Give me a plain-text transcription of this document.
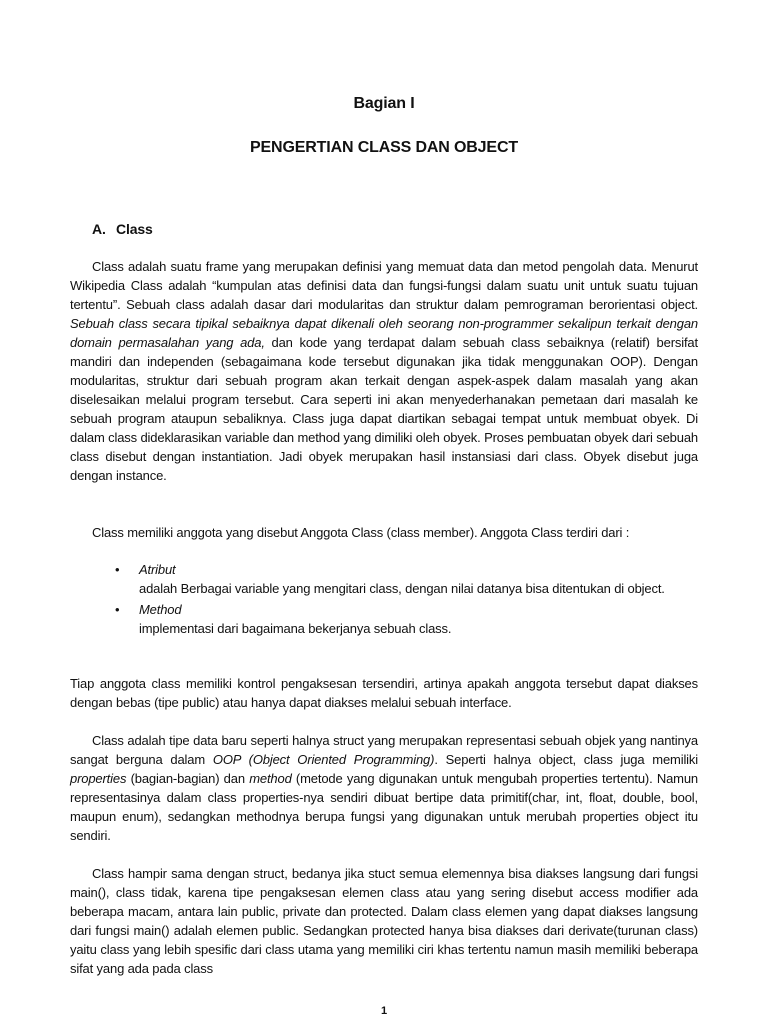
Bagian I
PENGERTIAN CLASS DAN OBJECT
A. Class

Class adalah suatu frame yang merupakan definisi yang memuat data dan metod pengolah data. Menurut Wikipedia Class adalah “kumpulan atas definisi data dan fungsi-fungsi dalam suatu unit untuk suatu tujuan tertentu”. Sebuah class adalah dasar dari modularitas dan struktur dalam pemrograman berorientasi object. Sebuah class secara tipikal sebaiknya dapat dikenali oleh seorang non-programmer sekalipun terkait dengan domain permasalahan yang ada, dan kode yang terdapat dalam sebuah class sebaiknya (relatif) bersifat mandiri dan independen (sebagaimana kode tersebut digunakan jika tidak menggunakan OOP). Dengan modularitas, struktur dari sebuah program akan terkait dengan aspek-aspek dalam masalah yang akan diselesaikan melalui program tersebut. Cara seperti ini akan menyederhanakan pemetaan dari masalah ke sebuah program ataupun sebaliknya. Class juga dapat diartikan sebagai tempat untuk membuat obyek. Di dalam class dideklarasikan variable dan method yang dimiliki oleh obyek. Proses pembuatan obyek dari sebuah class disebut dengan instantiation. Jadi obyek merupakan hasil instansiasi dari class. Obyek disebut juga dengan instance.

Class memiliki anggota yang disebut Anggota Class (class member). Anggota Class terdiri dari :

• Atribut
adalah Berbagai variable yang mengitari class, dengan nilai datanya bisa ditentukan di object.
• Method
implementasi dari bagaimana bekerjanya sebuah class.

Tiap anggota class memiliki kontrol pengaksesan tersendiri, artinya apakah anggota tersebut dapat diakses dengan bebas (tipe public) atau hanya dapat diakses melalui sebuah interface.

Class adalah tipe data baru seperti halnya struct yang merupakan representasi sebuah objek yang nantinya sangat berguna dalam OOP (Object Oriented Programming). Seperti halnya object, class juga memiliki properties (bagian-bagian) dan method (metode yang digunakan untuk mengubah properties tertentu). Namun representasinya dalam class properties-nya sendiri dibuat bertipe data primitif(char, int, float, double, bool, maupun enum), sedangkan methodnya berupa fungsi yang digunakan untuk merubah properties object itu sendiri.

Class hampir sama dengan struct, bedanya jika stuct semua elemennya bisa diakses langsung dari fungsi main(), class tidak, karena tipe pengaksesan elemen class atau yang sering disebut access modifier ada beberapa macam, antara lain public, private dan protected. Dalam class elemen yang dapat diakses langsung dari fungsi main() adalah elemen public. Sedangkan protected hanya bisa diakses dari derivate(turunan class) yaitu class yang lebih spesific dari class utama yang memiliki ciri khas tertentu namun masih memiliki beberapa sifat yang ada pada class

1
